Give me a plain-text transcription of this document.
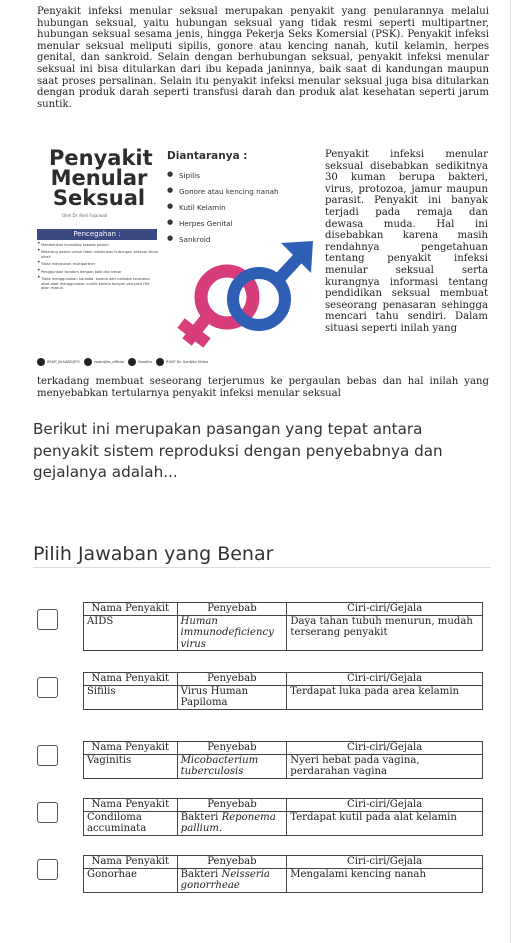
Penyakit infeksi menular seksual merupakan penyakit yang penularannya melalui hubungan seksual, yaitu hubungan seksual yang tidak resmi seperti multipartner, hubungan seksual sesama jenis, hingga Pekerja Seks Komersial (PSK). Penyakit infeksi menular seksual meliputi sipilis, gonore atau kencing nanah, kutil kelamin, herpes genital, dan sankroid. Selain dengan berhubungan seksual, penyakit infeksi menular seksual ini bisa ditularkan dari ibu kepada janinnya, baik saat di kandungan maupun saat proses persalinan. Selain itu penyakit infeksi menular seksual juga bisa ditularkan dengan produk darah seperti transfusi darah dan produk alat kesehatan seperti jarum suntik.
Penyakit
Menular
Seksual
Oleh Dr. Reni Fajarwati
Pencegahan :
• Memberikan konseling kepada pasien
• Melarang pasien untuk tidak melakukan hubungan seksual diluar nikah
• Tidak melakukan multipartner
• Penggunaan kondom dengan baik dan benar
• Tidak menggunakan narkoba, karena dari narkoba terutama obat-obat menggunakan suntik karena banyak penyakit HIV akan masuk.
Diantaranya :
● Sipilis
● Gonore atau kencing nanah
● Kutil Kelamin
● Herpes Genital
● Sankroid
RSUP_DrSARDJITO	rssardjito_official	Sardjito	RSUP Dr. Sardjito Video
Penyakit infeksi menular seksual disebabkan sedikitnya 30 kuman berupa bakteri, virus, protozoa, jamur maupun parasit. Penyakit ini banyak terjadi pada remaja dan dewasa muda. Hal ini disebabkan karena masih rendahnya pengetahuan tentang penyakit infeksi menular seksual serta kurangnya informasi tentang pendidikan seksual membuat seseorang penasaran sehingga mencari tahu sendiri. Dalam situasi seperti inilah yang
terkadang membuat seseorang terjerumus ke pergaulan bebas dan hal inilah yang menyebabkan tertularnya penyakit infeksi menular seksual
Berikut ini merupakan pasangan yang tepat antara penyakit sistem reproduksi dengan penyebabnya dan gejalanya adalah...
Pilih Jawaban yang Benar
Nama Penyakit	Penyebab	Ciri-ciri/Gejala
AIDS	Human immunodeficiency virus	Daya tahan tubuh menurun, mudah terserang penyakit
Nama Penyakit	Penyebab	Ciri-ciri/Gejala
Sifilis	Virus Human Papiloma	Terdapat luka pada area kelamin
Nama Penyakit	Penyebab	Ciri-ciri/Gejala
Vaginitis	Micobacterium tuberculosis	Nyeri hebat pada vagina, perdarahan vagina
Nama Penyakit	Penyebab	Ciri-ciri/Gejala
Condiloma accuminata	Bakteri Reponema pallium.	Terdapat kutil pada alat kelamin
Nama Penyakit	Penyebab	Ciri-ciri/Gejala
Gonorhae	Bakteri Neisseria gonorrheae	Mengalami kencing nanah
